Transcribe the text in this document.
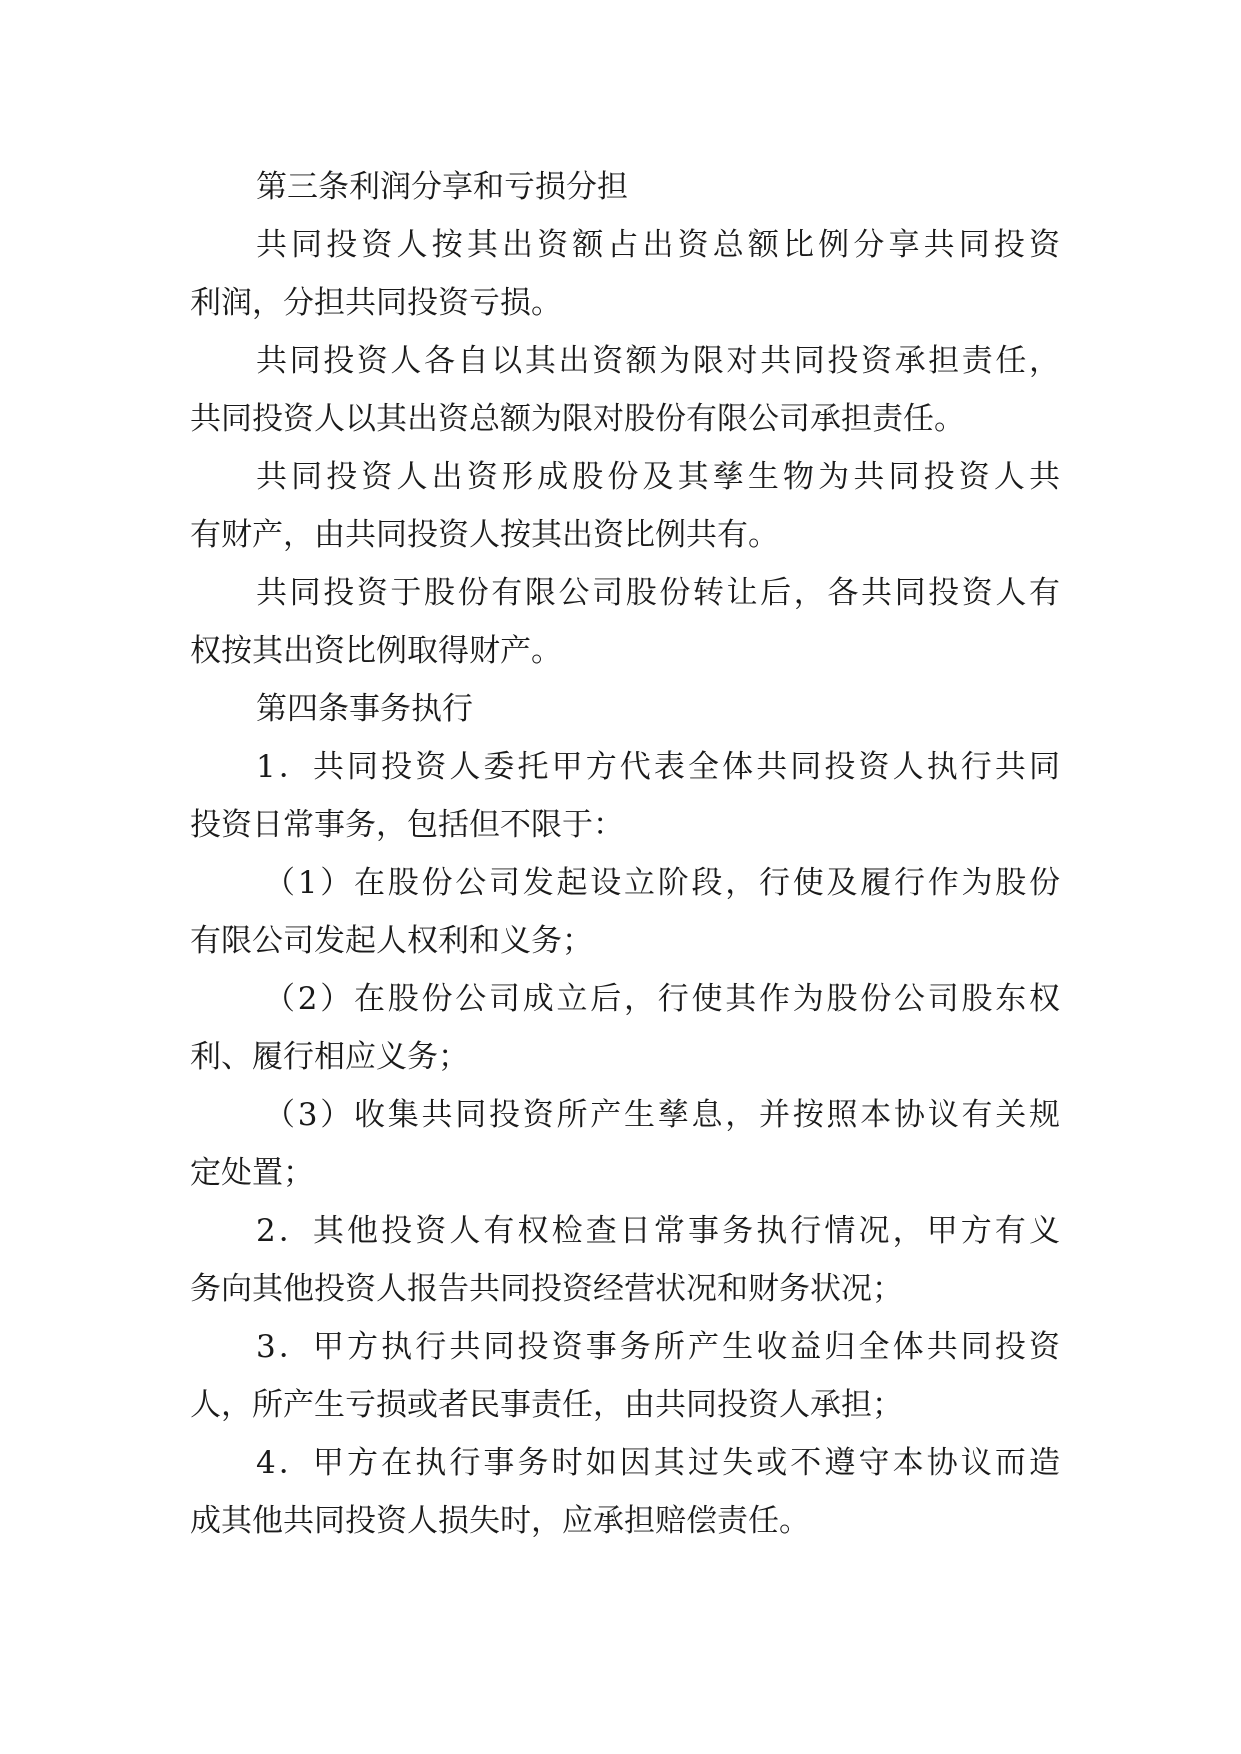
第三条利润分享和亏损分担
共同投资人按其出资额占出资总额比例分享共同投资
利润，分担共同投资亏损。
共同投资人各自以其出资额为限对共同投资承担责任，
共同投资人以其出资总额为限对股份有限公司承担责任。
共同投资人出资形成股份及其孳生物为共同投资人共
有财产，由共同投资人按其出资比例共有。
共同投资于股份有限公司股份转让后，各共同投资人有
权按其出资比例取得财产。
第四条事务执行
1．共同投资人委托甲方代表全体共同投资人执行共同
投资日常事务，包括但不限于：
（1）在股份公司发起设立阶段，行使及履行作为股份
有限公司发起人权利和义务；
（2）在股份公司成立后，行使其作为股份公司股东权
利、履行相应义务；
（3）收集共同投资所产生孳息，并按照本协议有关规
定处置；
2．其他投资人有权检查日常事务执行情况，甲方有义
务向其他投资人报告共同投资经营状况和财务状况；
3．甲方执行共同投资事务所产生收益归全体共同投资
人，所产生亏损或者民事责任，由共同投资人承担；
4．甲方在执行事务时如因其过失或不遵守本协议而造
成其他共同投资人损失时，应承担赔偿责任。
